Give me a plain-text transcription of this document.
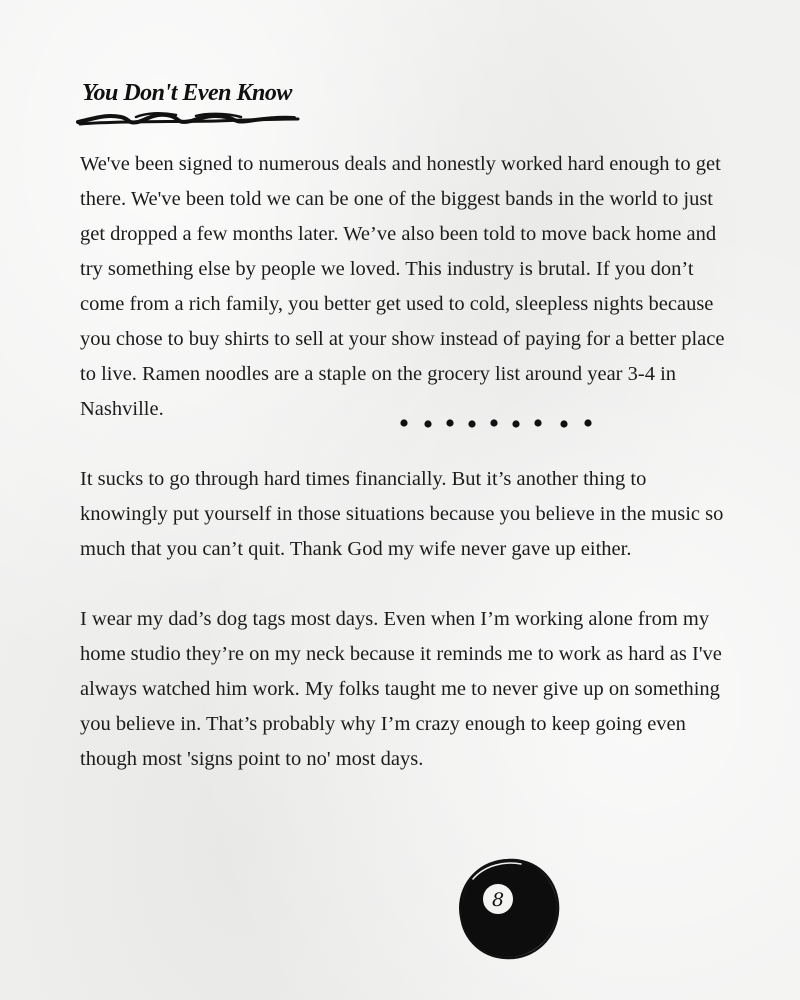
You Don't Even Know

We've been signed to numerous deals and honestly worked hard enough to get there. We've been told we can be one of the biggest bands in the world to just get dropped a few months later. We’ve also been told to move back home and try something else by people we loved. This industry is brutal. If you don’t come from a rich family, you better get used to cold, sleepless nights because you chose to buy shirts to sell at your show instead of paying for a better place to live. Ramen noodles are a staple on the grocery list around year 3-4 in Nashville.

It sucks to go through hard times financially. But it’s another thing to knowingly put yourself in those situations because you believe in the music so much that you can’t quit. Thank God my wife never gave up either.

I wear my dad’s dog tags most days. Even when I’m working alone from my home studio they’re on my neck because it reminds me to work as hard as I've always watched him work. My folks taught me to never give up on something you believe in. That’s probably why I’m crazy enough to keep going even though most 'signs point to no' most days.

8
